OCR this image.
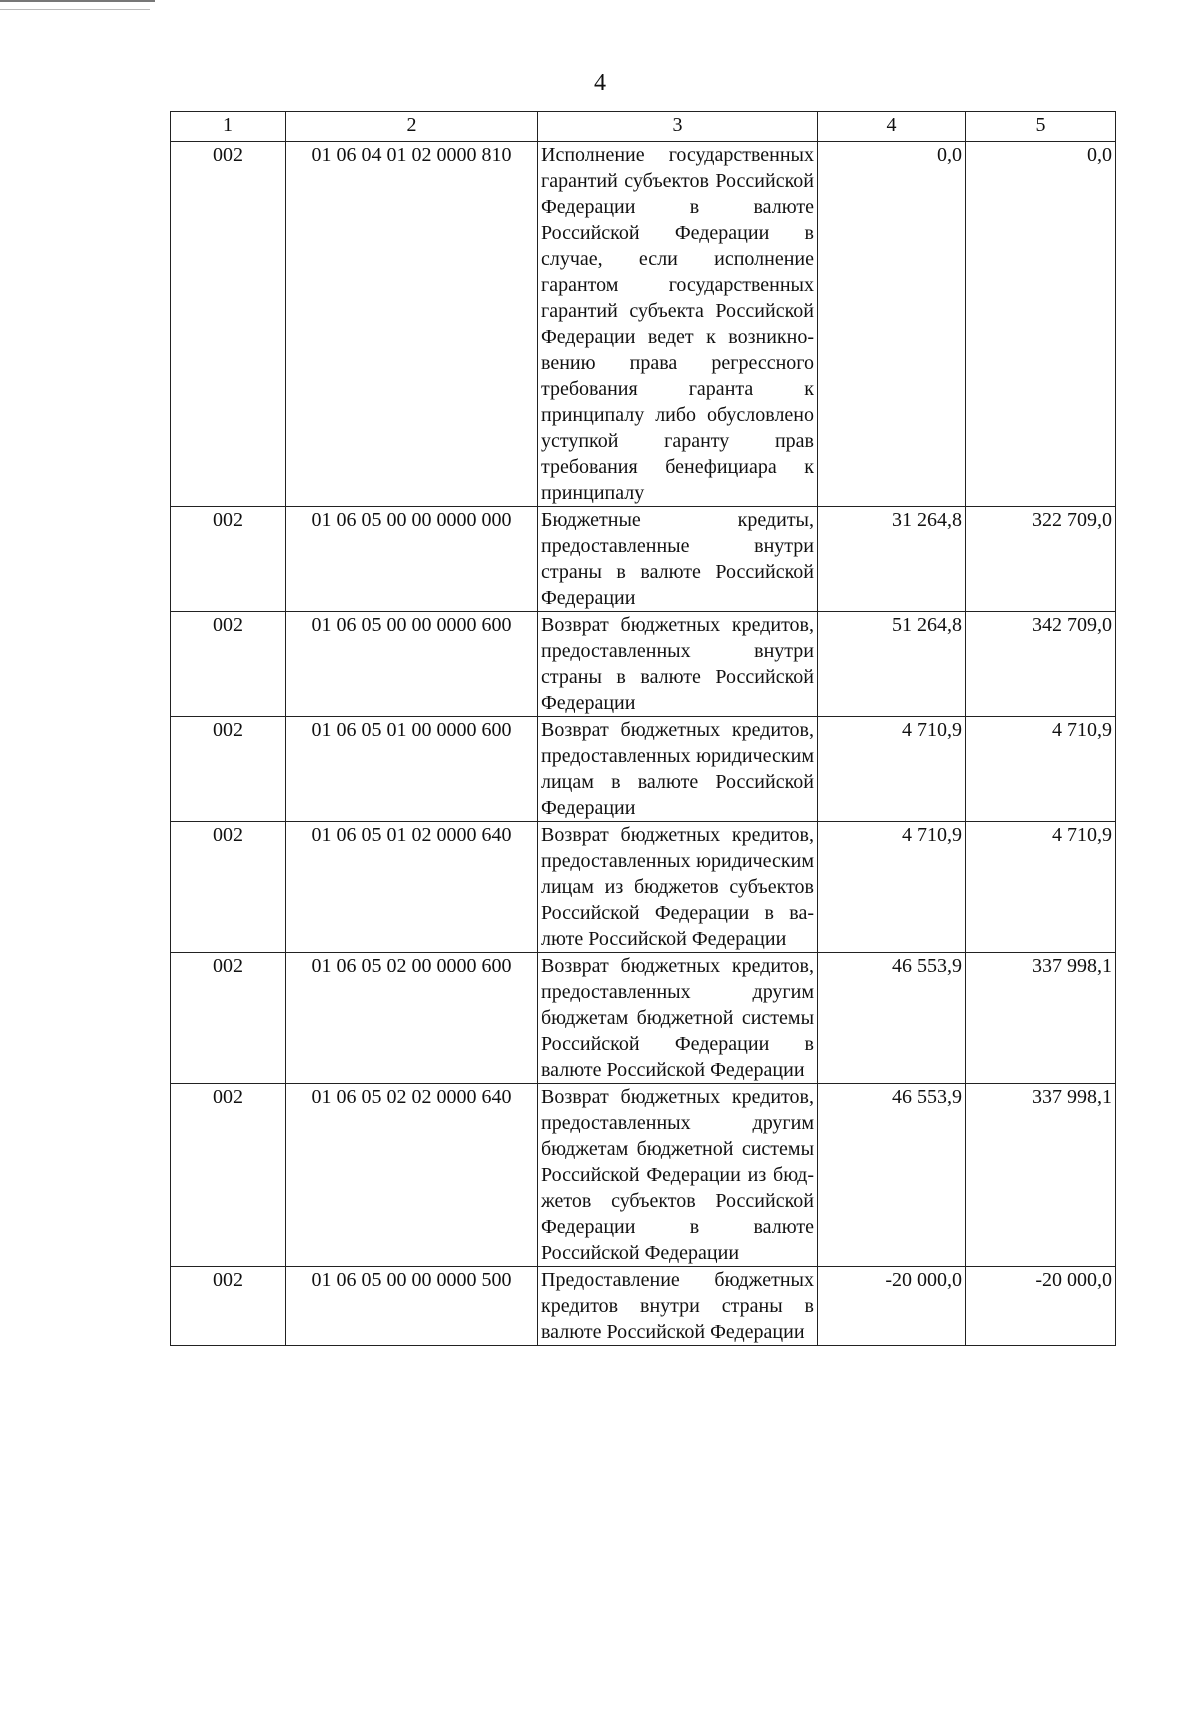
4
1	2	3	4	5
002	01 06 04 01 02 0000 810	Исполнение государственных гарантий субъектов Российской Федерации в валюте Российской Федерации в случае, если исполнение гарантом государственных гарантий субъекта Российской Федерации ведет к возникновению права регрессного требования гаранта к принципалу либо обусловлено уступкой гаранту прав требования бенефициара к принципалу	0,0	0,0
002	01 06 05 00 00 0000 000	Бюджетные кредиты, предоставленные внутри страны в валюте Российской Федерации	31 264,8	322 709,0
002	01 06 05 00 00 0000 600	Возврат бюджетных кредитов, предоставленных внутри страны в валюте Российской Федерации	51 264,8	342 709,0
002	01 06 05 01 00 0000 600	Возврат бюджетных кредитов, предоставленных юридическим лицам в валюте Российской Федерации	4 710,9	4 710,9
002	01 06 05 01 02 0000 640	Возврат бюджетных кредитов, предоставленных юридическим лицам из бюджетов субъектов Российской Федерации в валюте Российской Федерации	4 710,9	4 710,9
002	01 06 05 02 00 0000 600	Возврат бюджетных кредитов, предоставленных другим бюджетам бюджетной системы Российской Федерации в валюте Российской Федерации	46 553,9	337 998,1
002	01 06 05 02 02 0000 640	Возврат бюджетных кредитов, предоставленных другим бюджетам бюджетной системы Российской Федерации из бюджетов субъектов Российской Федерации в валюте Российской Федерации	46 553,9	337 998,1
002	01 06 05 00 00 0000 500	Предоставление бюджетных кредитов внутри страны в валюте Российской Федерации	-20 000,0	-20 000,0
